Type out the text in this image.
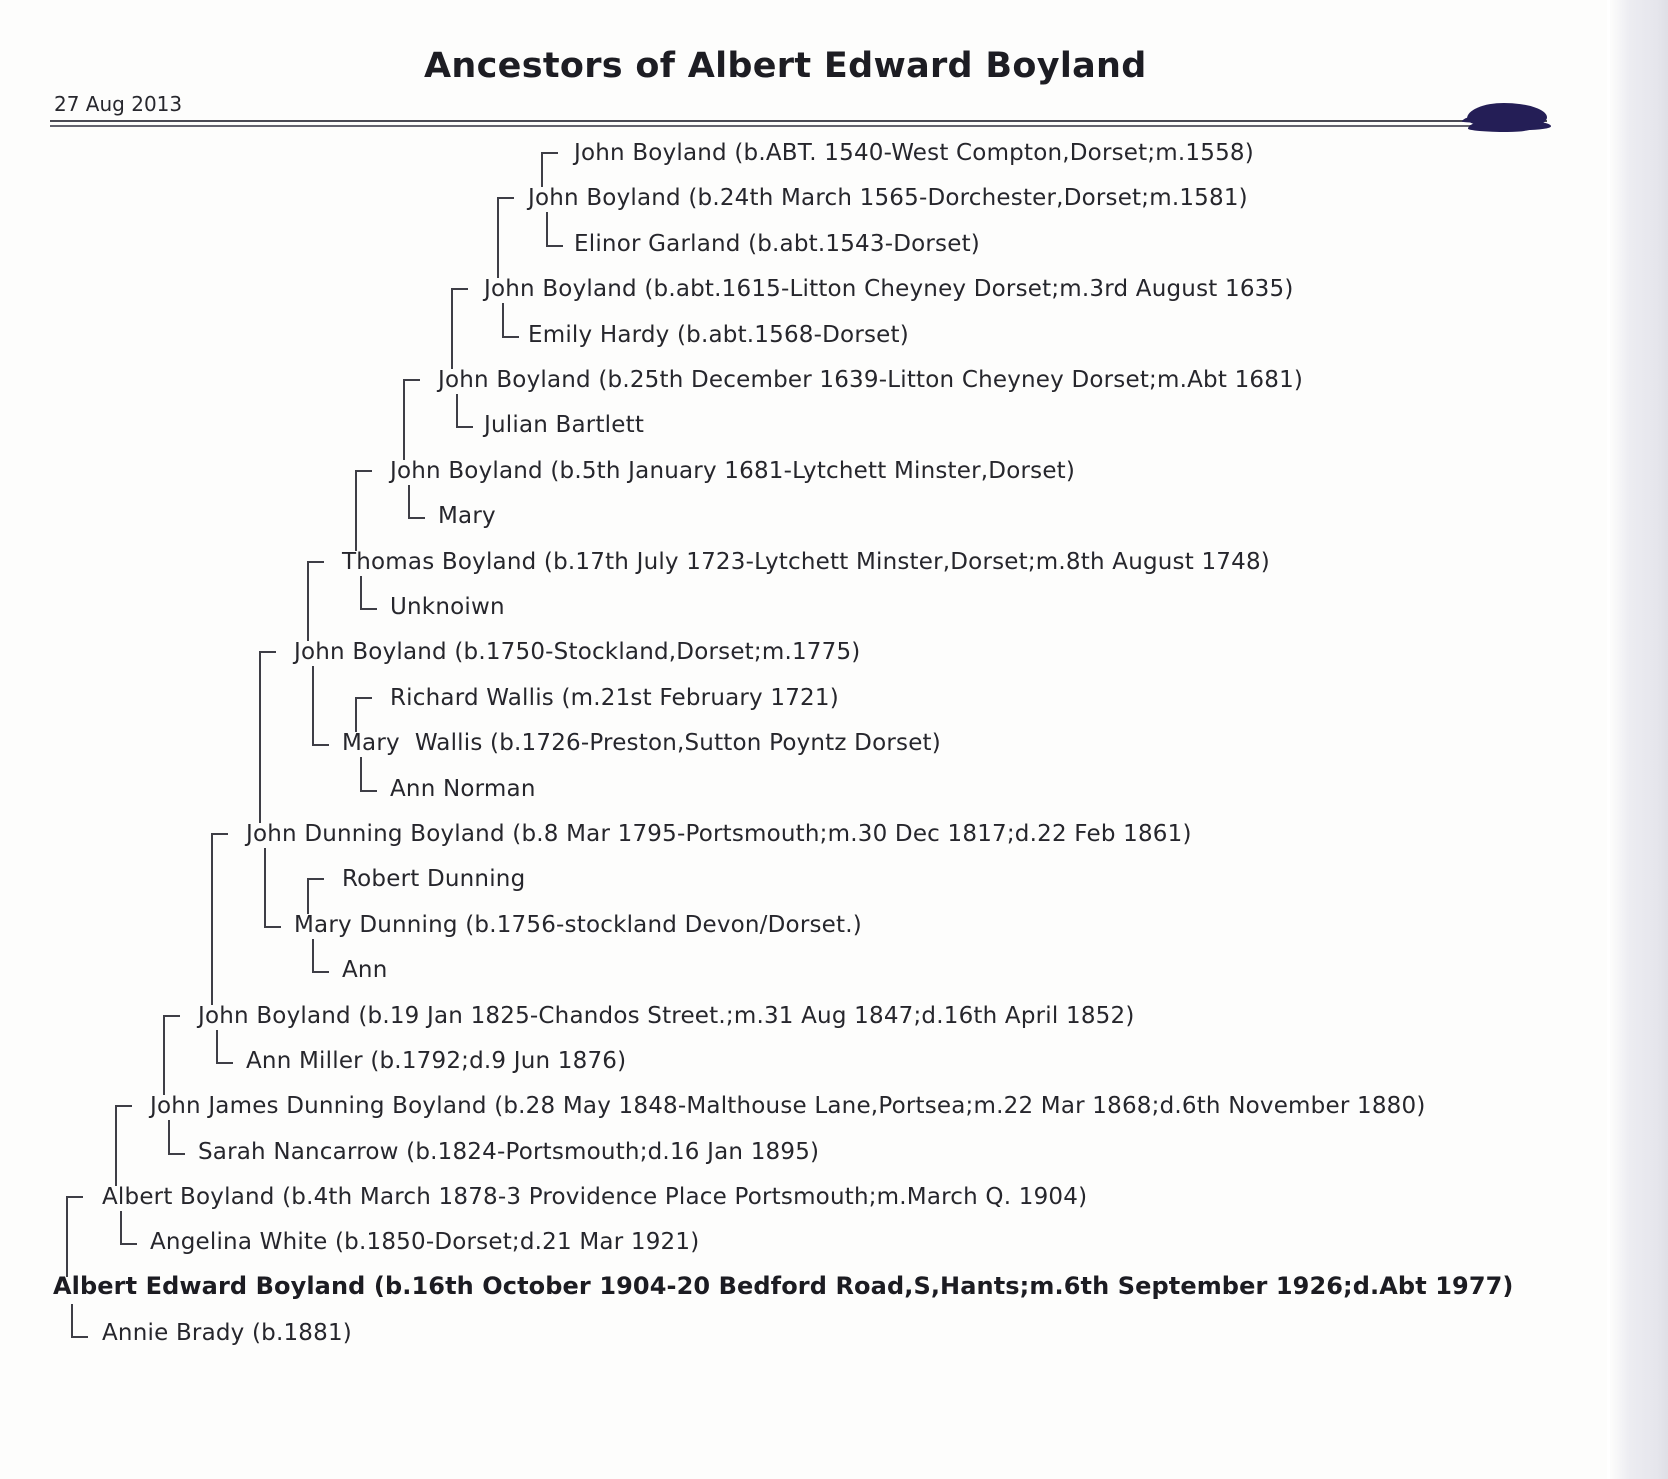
Ancestors of Albert Edward Boyland
27 Aug 2013
John Boyland (b.ABT. 1540-West Compton,Dorset;m.1558)
John Boyland (b.24th March 1565-Dorchester,Dorset;m.1581)
Elinor Garland (b.abt.1543-Dorset)
John Boyland (b.abt.1615-Litton Cheyney Dorset;m.3rd August 1635)
Emily Hardy (b.abt.1568-Dorset)
John Boyland (b.25th December 1639-Litton Cheyney Dorset;m.Abt 1681)
Julian Bartlett
John Boyland (b.5th January 1681-Lytchett Minster,Dorset)
Mary
Thomas Boyland (b.17th July 1723-Lytchett Minster,Dorset;m.8th August 1748)
Unknoiwn
John Boyland (b.1750-Stockland,Dorset;m.1775)
Richard Wallis (m.21st February 1721)
Mary  Wallis (b.1726-Preston,Sutton Poyntz Dorset)
Ann Norman
John Dunning Boyland (b.8 Mar 1795-Portsmouth;m.30 Dec 1817;d.22 Feb 1861)
Robert Dunning
Mary Dunning (b.1756-stockland Devon/Dorset.)
Ann
John Boyland (b.19 Jan 1825-Chandos Street.;m.31 Aug 1847;d.16th April 1852)
Ann Miller (b.1792;d.9 Jun 1876)
John James Dunning Boyland (b.28 May 1848-Malthouse Lane,Portsea;m.22 Mar 1868;d.6th November 1880)
Sarah Nancarrow (b.1824-Portsmouth;d.16 Jan 1895)
Albert Boyland (b.4th March 1878-3 Providence Place Portsmouth;m.March Q. 1904)
Angelina White (b.1850-Dorset;d.21 Mar 1921)
Albert Edward Boyland (b.16th October 1904-20 Bedford Road,S,Hants;m.6th September 1926;d.Abt 1977)
Annie Brady (b.1881)
